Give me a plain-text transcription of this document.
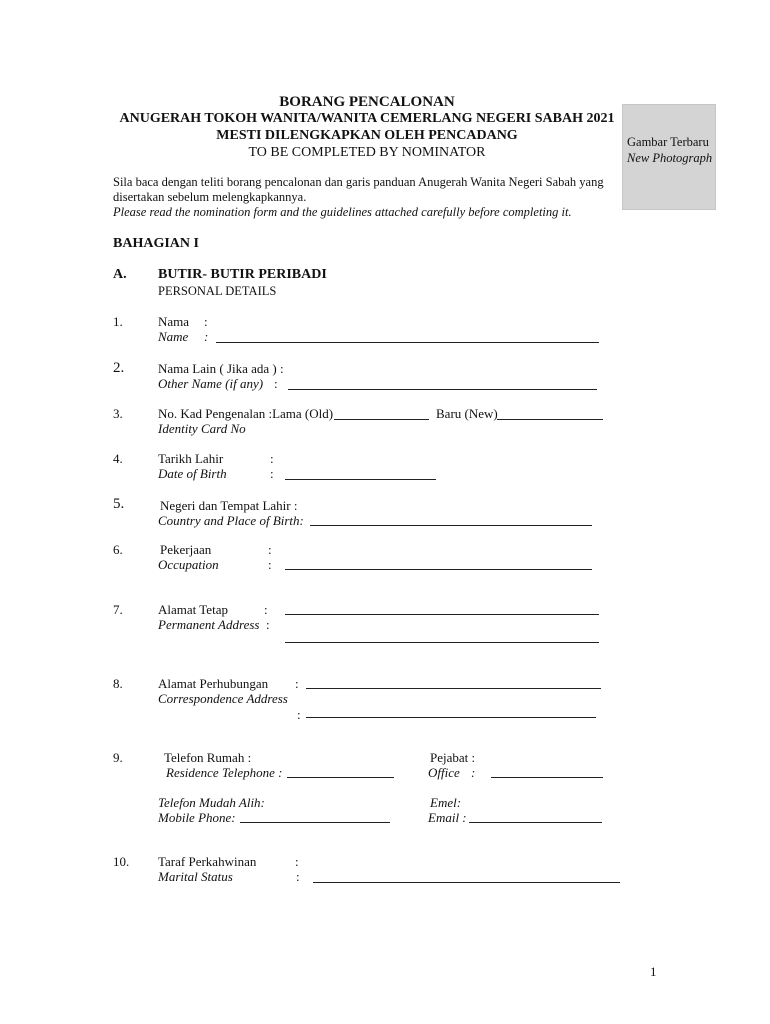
BORANG PENCALONAN
ANUGERAH TOKOH WANITA/WANITA CEMERLANG NEGERI SABAH 2021
MESTI DILENGKAPKAN OLEH PENCADANG
TO BE COMPLETED BY NOMINATOR
Gambar Terbaru
New Photograph
Sila baca dengan teliti borang pencalonan dan garis panduan Anugerah Wanita Negeri Sabah yang
disertakan sebelum melengkapkannya.
Please read the nomination form and the guidelines attached carefully before completing it.
BAHAGIAN I
A. BUTIR- BUTIR PERIBADI
PERSONAL DETAILS
1.	Nama :
Name :
2.	Nama Lain ( Jika ada ) :
Other Name (if any) :
3.	No. Kad Pengenalan :Lama (Old)	Baru (New)
Identity Card No
4.	Tarikh Lahir	:
Date of Birth	:
5.	Negeri dan Tempat Lahir :
Country and Place of Birth:
6.	Pekerjaan	:
Occupation	:
7.	Alamat Tetap	:
Permanent Address :
8.	Alamat Perhubungan :
Correspondence Address
:
9.	Telefon Rumah :
Residence Telephone :
Pejabat :
Office :
Telefon Mudah Alih:
Mobile Phone:
Emel:
Email :
10. Taraf Perkahwinan	:
Marital Status	:
1
